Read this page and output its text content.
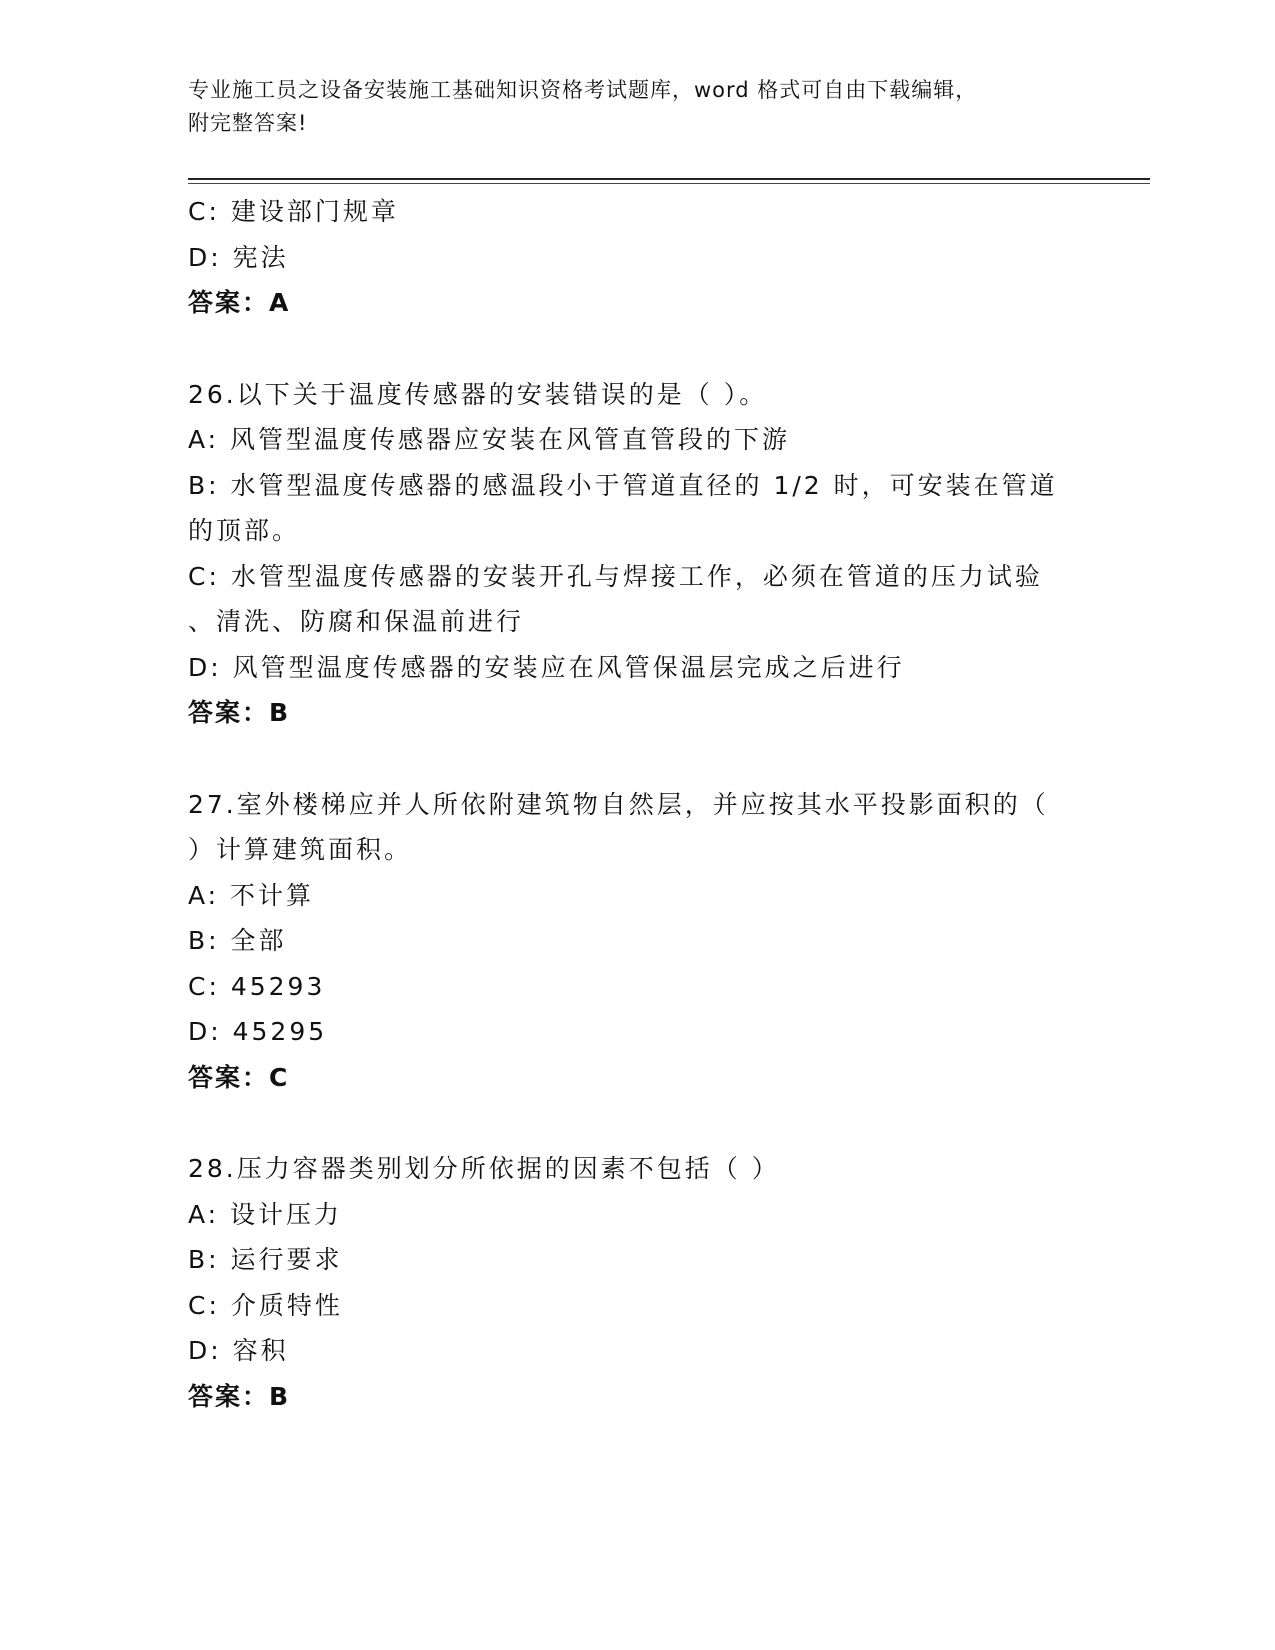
专业施工员之设备安装施工基础知识资格考试题库，word 格式可自由下载编辑，

附完整答案!

C: 建设部门规章

D: 宪法

答案：A

26.以下关于温度传感器的安装错误的是（ ）。

A: 风管型温度传感器应安装在风管直管段的下游

B: 水管型温度传感器的感温段小于管道直径的 1/2 时，可安装在管道

的顶部。

C: 水管型温度传感器的安装开孔与焊接工作，必须在管道的压力试验

、清洗、防腐和保温前进行

D: 风管型温度传感器的安装应在风管保温层完成之后进行

答案：B

27.室外楼梯应并人所依附建筑物自然层，并应按其水平投影面积的（

）计算建筑面积。

A: 不计算

B: 全部

C: 45293

D: 45295

答案：C

28.压力容器类别划分所依据的因素不包括（ ）

A: 设计压力

B: 运行要求

C: 介质特性

D: 容积

答案：B
